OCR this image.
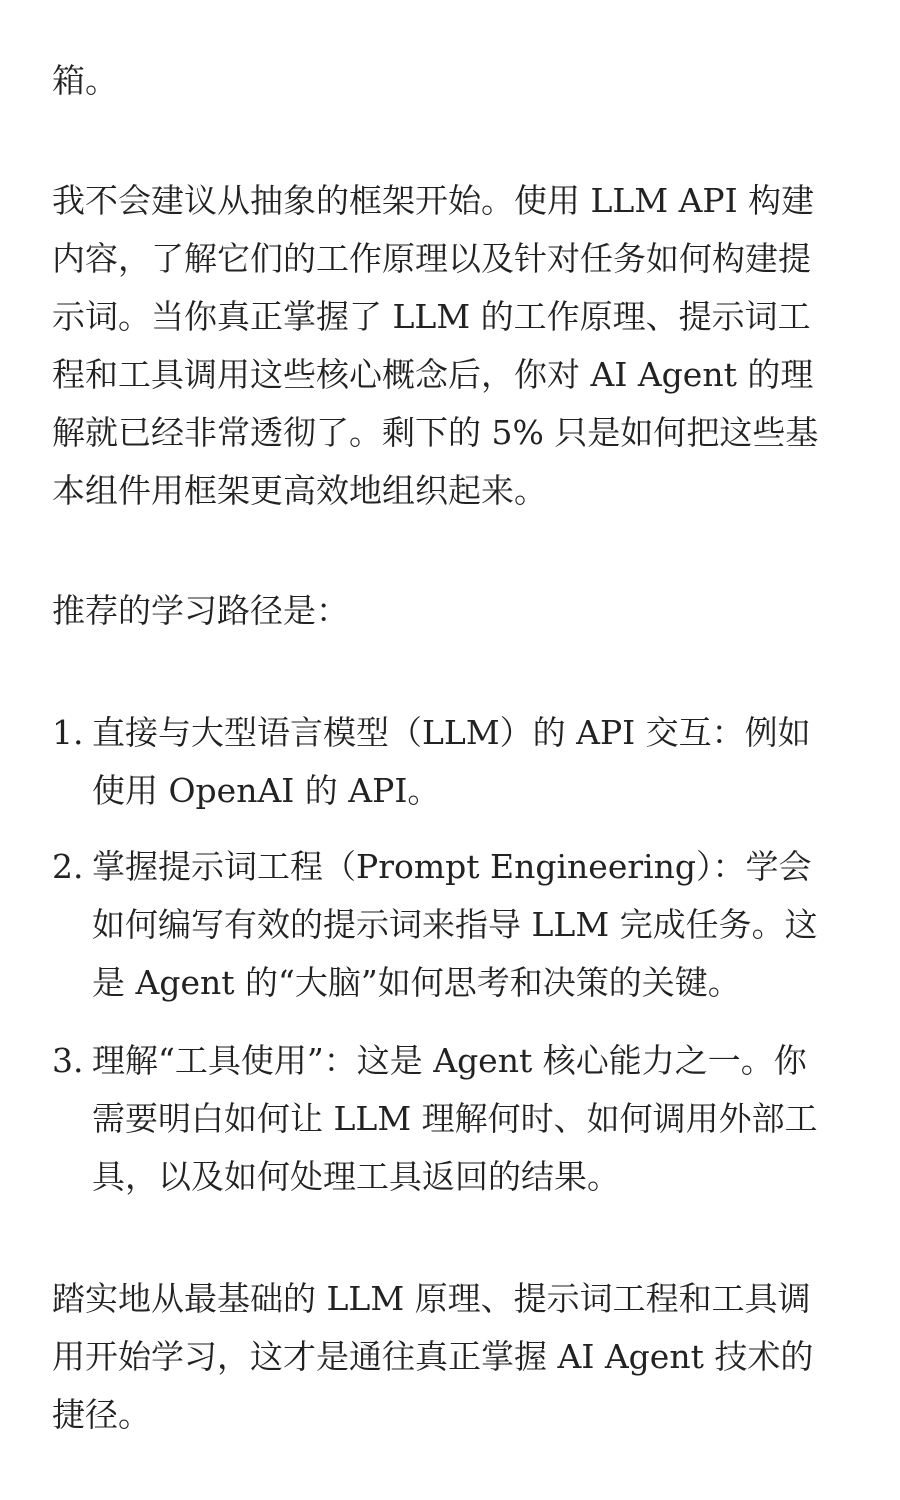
箱。

我不会建议从抽象的框架开始。使用 LLM API 构建
内容，了解它们的工作原理以及针对任务如何构建提
示词。当你真正掌握了 LLM 的工作原理、提示词工
程和工具调用这些核心概念后，你对 AI Agent 的理
解就已经非常透彻了。剩下的 5% 只是如何把这些基
本组件用框架更高效地组织起来。

推荐的学习路径是：

1. 直接与大型语言模型（LLM）的 API 交互：例如
使用 OpenAI 的 API。
2. 掌握提示词工程（Prompt Engineering）：学会
如何编写有效的提示词来指导 LLM 完成任务。这
是 Agent 的“大脑”如何思考和决策的关键。
3. 理解“工具使用”：这是 Agent 核心能力之一。你
需要明白如何让 LLM 理解何时、如何调用外部工
具，以及如何处理工具返回的结果。

踏实地从最基础的 LLM 原理、提示词工程和工具调
用开始学习，这才是通往真正掌握 AI Agent 技术的
捷径。
